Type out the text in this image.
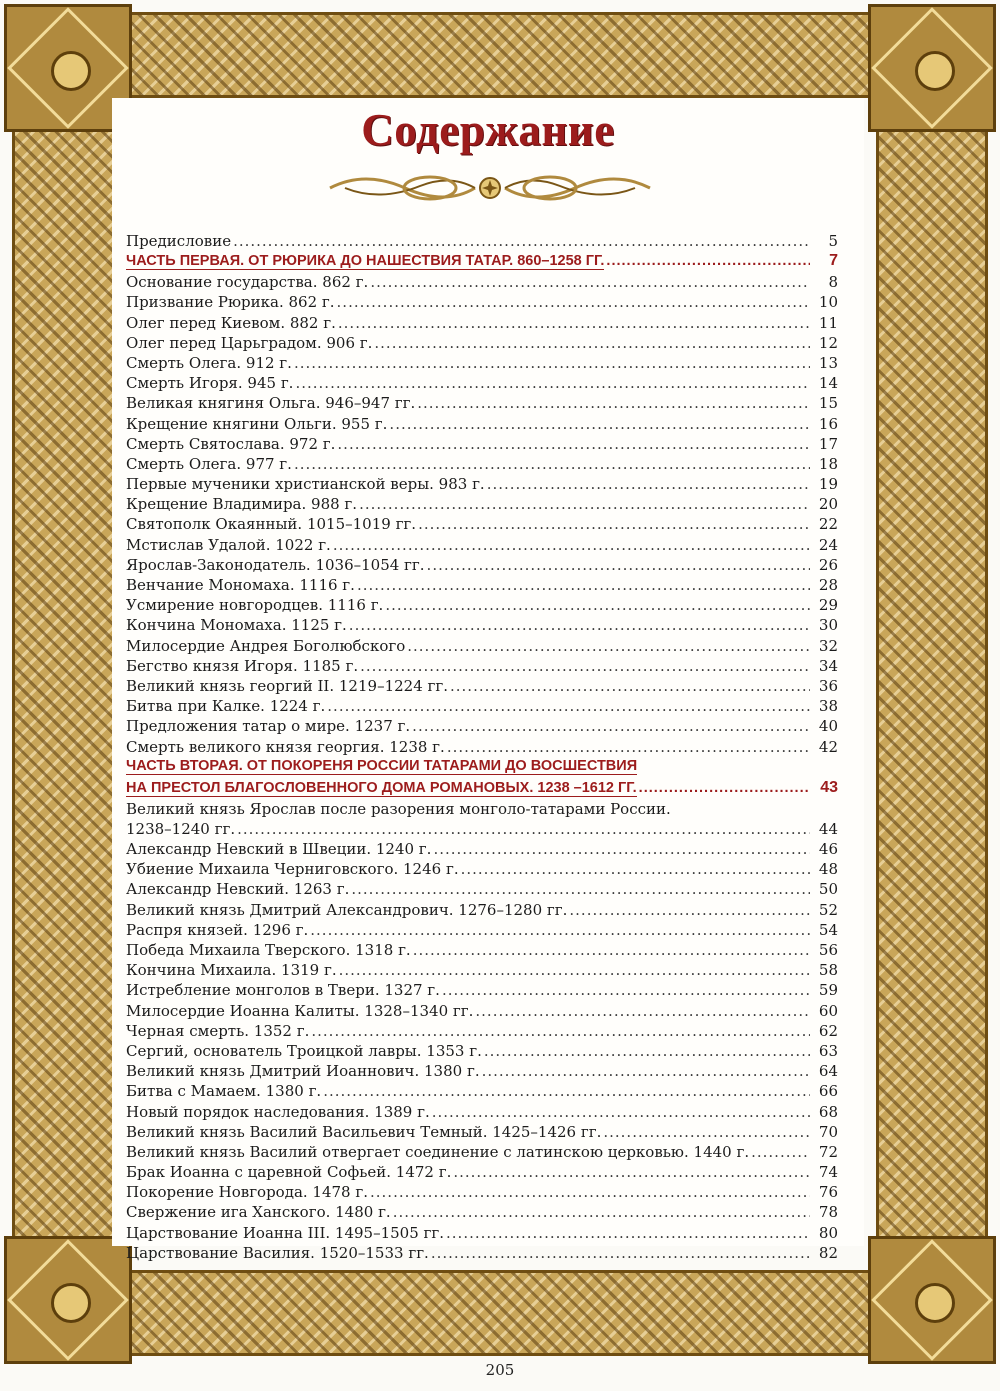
Содержание
Предисловие .....	5
ЧАСТЬ ПЕРВАЯ. ОТ РЮРИКА ДО НАШЕСТВИЯ ТАТАР. 860–1258 ГГ. .....	7
Основание государства. 862 г. .....	8
Призвание Рюрика. 862 г. .....	10
Олег перед Киевом. 882 г. .....	11
Олег перед Царьградом. 906 г. .....	12
Смерть Олега. 912 г. .....	13
Смерть Игоря. 945 г. .....	14
Великая княгиня Ольга. 946–947 гг. .....	15
Крещение княгини Ольги. 955 г. .....	16
Смерть Святослава. 972 г. .....	17
Смерть Олега. 977 г. .....	18
Первые мученики христианской веры. 983 г. .....	19
Крещение Владимира. 988 г. .....	20
Святополк Окаянный. 1015–1019 гг. .....	22
Мстислав Удалой. 1022 г. .....	24
Ярослав-Законодатель. 1036–1054 гг. .....	26
Венчание Мономаха. 1116 г. .....	28
Усмирение новгородцев. 1116 г. .....	29
Кончина Мономаха. 1125 г. .....	30
Милосердие Андрея Боголюбского .....	32
Бегство князя Игоря. 1185 г. .....	34
Великий князь георгий II. 1219–1224 гг. .....	36
Битва при Калке. 1224 г. .....	38
Предложения татар о мире. 1237 г. .....	40
Смерть великого князя георгия. 1238 г. .....	42
ЧАСТЬ ВТОРАЯ. ОТ ПОКОРЕНЯ РОССИИ ТАТАРАМИ ДО ВОСШЕСТВИЯ
НА ПРЕСТОЛ БЛАГОСЛОВЕННОГО ДОМА РОМАНОВЫХ. 1238 –1612 ГГ. .....	43
Великий князь Ярослав после разорения монголо-татарами России.
1238–1240 гг. .....	44
Александр Невский в Швеции. 1240 г. .....	46
Убиение Михаила Черниговского. 1246 г. .....	48
Александр Невский. 1263 г. .....	50
Великий князь Дмитрий Александрович. 1276–1280 гг. .....	52
Распря князей. 1296 г. .....	54
Победа Михаила Тверского. 1318 г. .....	56
Кончина Михаила. 1319 г. .....	58
Истребление монголов в Твери. 1327 г. .....	59
Милосердие Иоанна Калиты. 1328–1340 гг. .....	60
Черная смерть. 1352 г. .....	62
Сергий, основатель Троицкой лавры. 1353 г. .....	63
Великий князь Дмитрий Иоаннович. 1380 г. .....	64
Битва с Мамаем. 1380 г. .....	66
Новый порядок наследования. 1389 г. .....	68
Великий князь Василий Васильевич Темный. 1425–1426 гг. .....	70
Великий князь Василий отвергает соединение с латинскою церковью. 1440 г. .....	72
Брак Иоанна с царевной Софьей. 1472 г. .....	74
Покорение Новгорода. 1478 г. .....	76
Свержение ига Ханского. 1480 г. .....	78
Царствование Иоанна III. 1495–1505 гг. .....	80
Царствование Василия. 1520–1533 гг. .....	82
205
